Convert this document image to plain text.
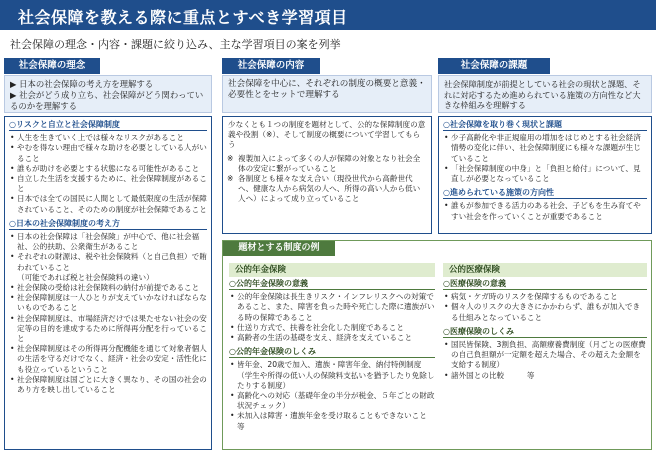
社会保障を教える際に重点とすべき学習項目
社会保障の理念・内容・課題に絞り込み、主な学習項目の案を列挙
社会保障の理念
▶ 日本の社会保障の考え方を理解する
▶ 社会がどう成り立ち、社会保障がどう関わっているのかを理解する
○リスクと自立と社会保障制度
• 人生を生きていく上では様々なリスクがあること
• やむを得ない理由で様々な助けを必要としている人がいること
• 誰もが助けを必要とする状態になる可能性があること
• 自立した生活を支援するために、社会保障制度があること
• 日本では全ての国民に人間として最低限度の生活が保障されていること、そのための制度が社会保障であること
○日本の社会保障制度の考え方
• 日本の社会保障は「社会保険」が中心で、他に社会福祉、公的扶助、公衆衛生があること
• それぞれの財源は、税や社会保険料（と自己負担）で賄われていること
（可能であれば税と社会保険料の違い）
• 社会保険の受給は社会保険料の納付が前提であること
• 社会保障制度は一人ひとりが支えていかなければならないものであること
• 社会保障制度は、市場経済だけでは果たせない社会の安定等の目的を達成するために所得再分配を行っていること
• 社会保障制度はその所得再分配機能を通じて対象者個人の生活を守るだけでなく、経済・社会の安定・活性化にも役立っているということ
• 社会保障制度は国ごとに大きく異なり、その国の社会のあり方を映し出していること
社会保障の内容
社会保障を中心に、それぞれの制度の概要と意義・必要性とをセットで理解する
少なくとも１つの制度を題材として、公的な保障制度の意義や役割（※）、そして制度の概要について学習してもらう
※ 複製加入によって多くの人が保障の対象となり社会全体の安定に繋がっていること
※ 各制度とも様々な支え合い（現役世代から高齢世代へ、健康な人から病気の人へ、所得の高い人から低い人へ）によって成り立っていること
社会保障の課題
社会保障制度が前提としている社会の現状と課題、それに対応するため進められている施策の方向性など大きな枠組みを理解する
○社会保障を取り巻く現状と課題
• 少子高齢化や非正規雇用の増加をはじめとする社会経済情勢の変化に伴い、社会保障制度にも様々な課題が生じていること
• 「社会保障制度の中身」と「負担と給付」について、見直しが必要となっていること
○進められている施策の方向性
• 誰もが参加できる活力のある社会、子どもを生み育てやすい社会を作っていくことが重要であること
題材とする制度の例
公的年金保険
○公的年金保険の意義
• 公的年金保険は長生きリスク・インフレリスクへの対策であること、また、障害を負った時や死亡した際に遺族がいる時の保障であること
• 仕送り方式で、扶養を社会化した制度であること
• 高齢者の生活の基礎を支え、経済を支えていること
○公的年金保険のしくみ
• 皆年金、20歳で加入、遺族・障害年金、納付特例制度（学生や所得の低い人の保険料支払いを猶予したり免除したりする制度）
• 高齢化への対応（基礎年金の半分が税金、５年ごとの財政状況チェック）
• 未加入は障害・遺族年金を受け取ることもできないこと　　等
公的医療保険
○医療保険の意義
• 病気・ケガ時のリスクを保障するものであること
• 個々人のリスクの大きさにかかわらず、誰もが加入できる仕組みとなっていること
○医療保険のしくみ
• 国民皆保険、3割負担、高額療養費制度（月ごとの医療費の自己負担額が一定額を超えた場合、その超えた金額を支給する制度）
• 諸外国との比較　　　等
